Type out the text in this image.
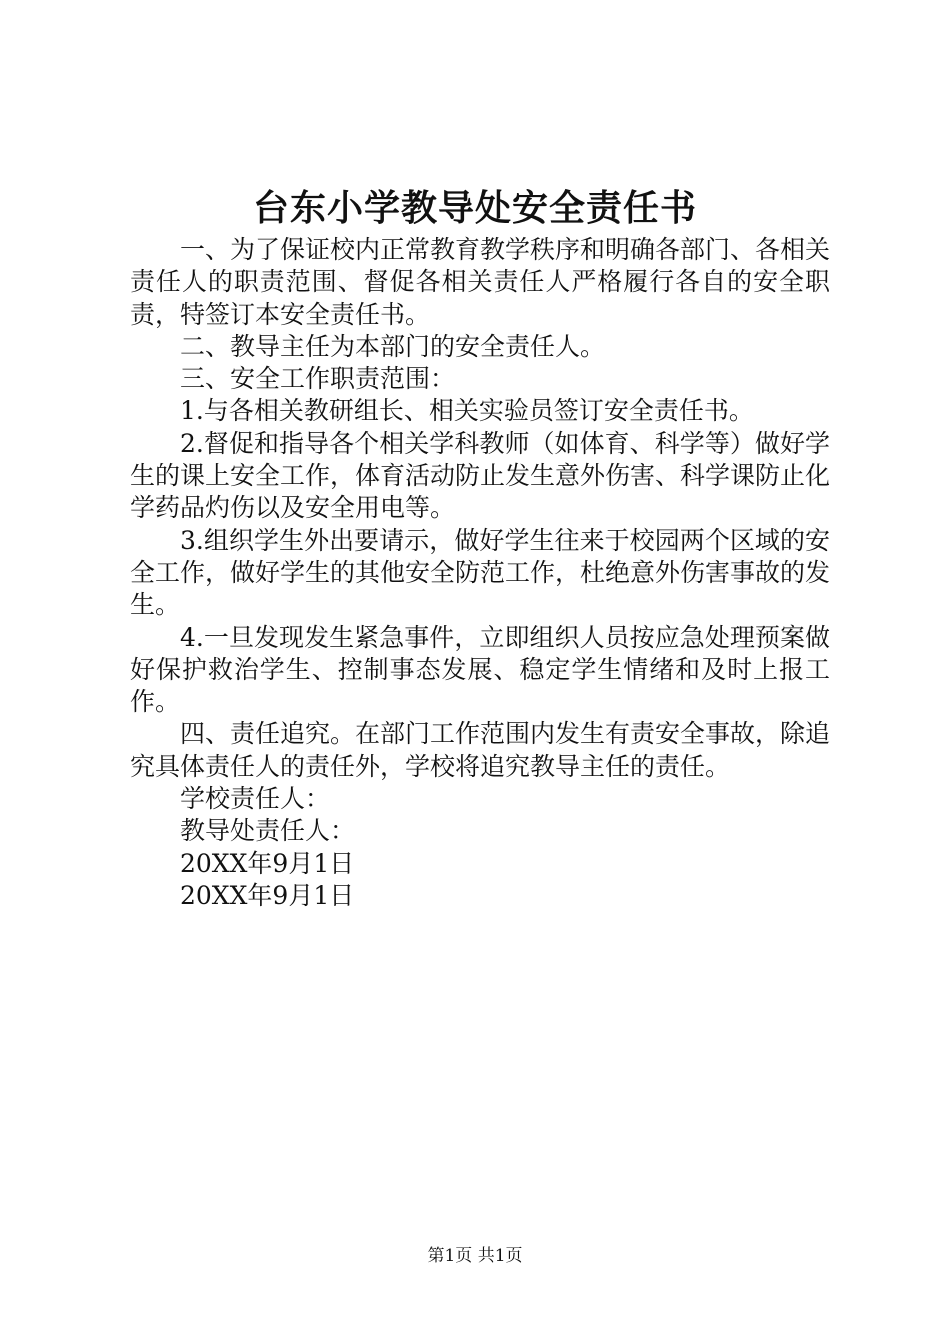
台东小学教导处安全责任书

一、为了保证校内正常教育教学秩序和明确各部门、各相关责任人的职责范围、督促各相关责任人严格履行各自的安全职责，特签订本安全责任书。

二、教导主任为本部门的安全责任人。

三、安全工作职责范围：

1.与各相关教研组长、相关实验员签订安全责任书。

2.督促和指导各个相关学科教师（如体育、科学等）做好学生的课上安全工作，体育活动防止发生意外伤害、科学课防止化学药品灼伤以及安全用电等。

3.组织学生外出要请示，做好学生往来于校园两个区域的安全工作，做好学生的其他安全防范工作，杜绝意外伤害事故的发生。

4.一旦发现发生紧急事件，立即组织人员按应急处理预案做好保护救治学生、控制事态发展、稳定学生情绪和及时上报工作。

四、责任追究。在部门工作范围内发生有责安全事故，除追究具体责任人的责任外，学校将追究教导主任的责任。

学校责任人：
教导处责任人：
20XX年9月1日
20XX年9月1日
第1页 共1页
